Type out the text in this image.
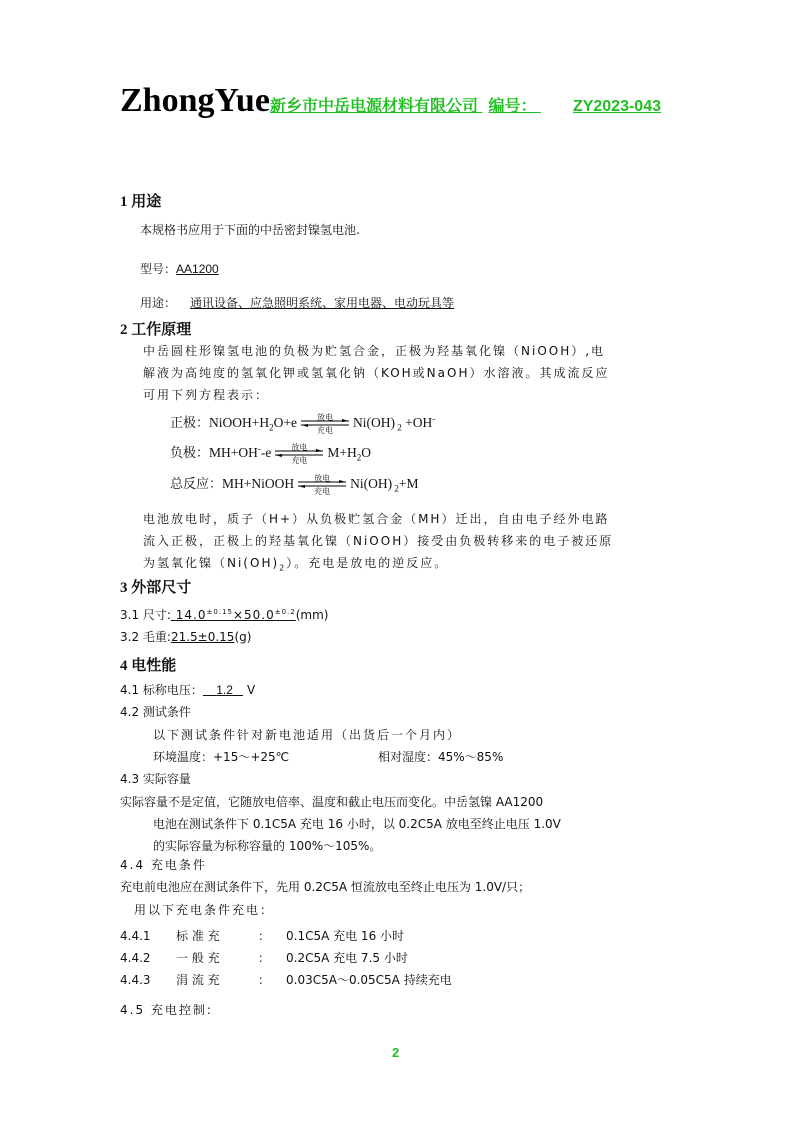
ZhongYue 新乡市中岳电源材料有限公司 编号： ZY2023-043
1 用途
本规格书应用于下面的中岳密封镍氢电池.
型号：AA1200
用途： 通讯设备、应急照明系统、家用电器、电动玩具等
2 工作原理
中岳圆柱形镍氢电池的负极为贮氢合金，正极为羟基氧化镍（NiOOH）,电
解液为高纯度的氢氧化钾或氢氧化钠（KOH或NaOH）水溶液。其成流反应
可用下列方程表示：
正极：$NiOOH+H_2O+e$	放电
充电
Ni(OH) $_2$ +OH-
负极：MH+OH--e	放电
充电
$M+H_2O$
总反应：MH+NiOOH	放电
充电
Ni(OH) $_2$+M
电池放电时，质子（H+）从负极贮氢合金（MH）迁出，自由电子经外电路
流入正极，正极上的羟基氧化镍（NiOOH）接受由负极转移来的电子被还原
为氢氧化镍$(Ni(OH)_2)$。充电是放电的逆反应。
3 外部尺寸
3.1 尺寸: $14.0^{\pm 0.15}\times 50.0^{\pm 0.2}(mm)$
3.2 毛重:21.5±0.15(g)
4 电性能
4.1 标称电压： 1.2 V
4.2 测试条件
以下测试条件针对新电池适用（出货后一个月内）
环境温度：+15～+25℃	相对湿度：45%～85%
4.3 实际容量
实际容量不是定值，它随放电倍率、温度和截止电压而变化。中岳氢镍 AA1200
电池在测试条件下 0.1C5A 充电 16 小时，以 0.2C5A 放电至终止电压 1.0V
的实际容量为标称容量的 100%～105%。
4.4 充电条件
充电前电池应在测试条件下，先用 0.2C5A 恒流放电至终止电压为 1.0V/只；
用以下充电条件充电：
4.4.1 标 准 充	： 0.1C5A 充电 16 小时
4.4.2 一 般 充	： 0.2C5A 充电 7.5 小时
4.4.3 涓 流 充	： 0.03C5A～0.05C5A 持续充电
4.5 充电控制:
2
